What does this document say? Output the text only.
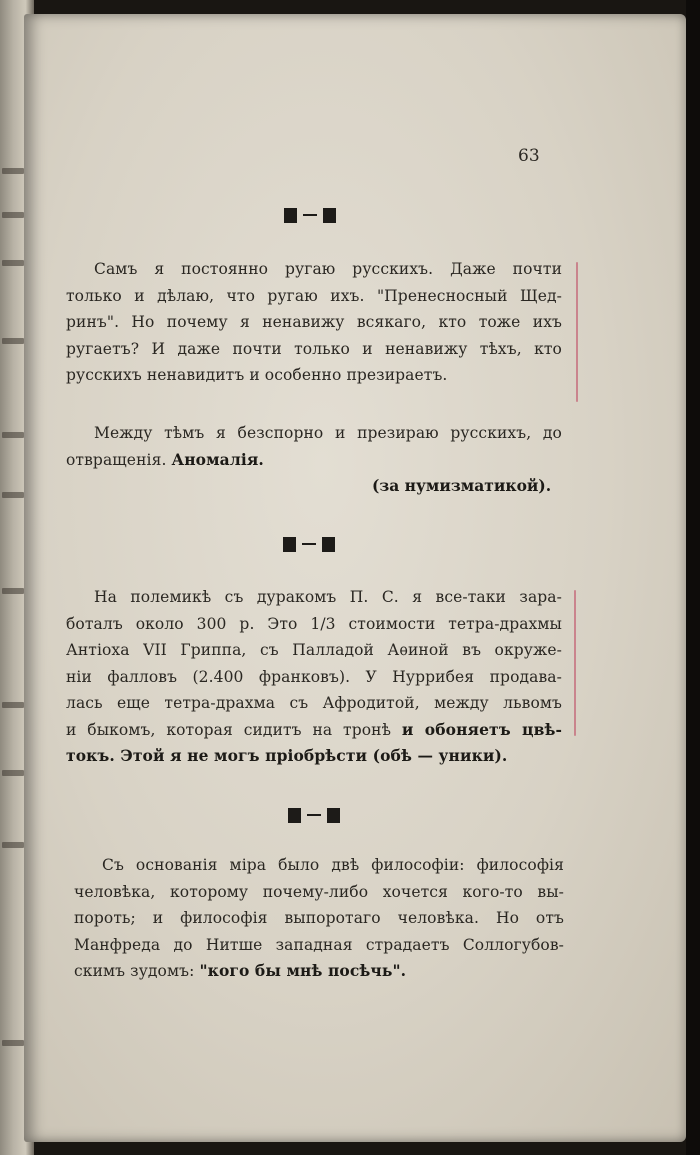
63
Самъ я постоянно ругаю русскихъ. Даже почти
только и дѣлаю, что ругаю ихъ. "Пренесносный Щед-
ринъ". Но почему я ненавижу всякаго, кто тоже ихъ
ругаетъ? И даже почти только и ненавижу тѣхъ, кто
русскихъ ненавидитъ и особенно презираетъ.
Между тѣмъ я безспорно и презираю русскихъ, до
отвращенія. Аномалія.
(за нумизматикой).
На полемикѣ съ дуракомъ П. С. я все-таки зара-
боталъ около 300 р. Это 1/3 стоимости тетра-драхмы
Антіоха VII Гриппа, съ Палладой Аѳиной въ окруже-
ніи фалловъ (2.400 франковъ). У Нуррибея продава-
лась еще тетра-драхма съ Афродитой, между львомъ
и быкомъ, которая сидитъ на тронѣ и обоняетъ цвѣ-
токъ. Этой я не могъ пріобрѣсти (обѣ — уники).
Съ основанія міра было двѣ философіи: философія
человѣка, которому почему-либо хочется кого-то вы-
пороть; и философія выпоротаго человѣка. Но отъ
Манфреда до Нитше западная страдаетъ Соллогубов-
скимъ зудомъ: "кого бы мнѣ посѣчь".
